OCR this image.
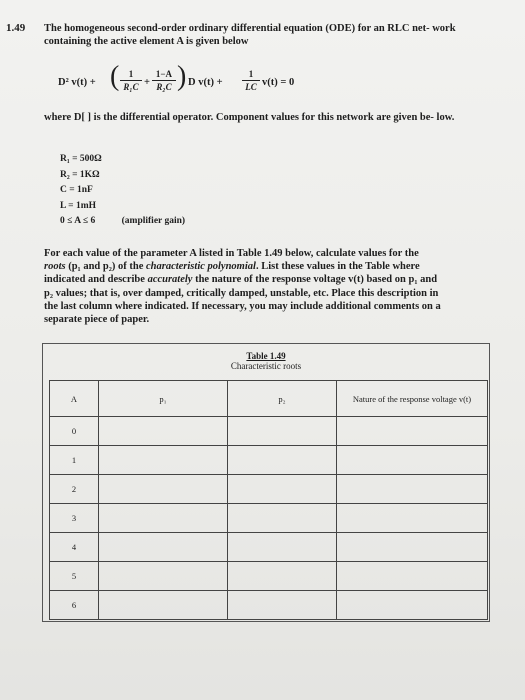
1.49 The homogeneous second-order ordinary differential equation (ODE) for an RLC net- work containing the active element A is given below
D² v(t) + (	1
R₁C +
1−A
R₂C ) D v(t) +
1
LC v(t) = 0
where D[ ] is the differential operator. Component values for this network are given be- low.
R₁ = 500Ω
R₂ = 1KΩ
C = 1nF
L = 1mH
0 ≤ A ≤ 6	(amplifier gain)
For each value of the parameter A listed in Table 1.49 below, calculate values for the
roots (p₁ and p₂) of the characteristic polynomial. List these values in the Table where
indicated and describe accurately the nature of the response voltage v(t) based on p₁ and
p₂ values; that is, over damped, critically damped, unstable, etc. Place this description in
the last column where indicated. If necessary, you may include additional comments on a
separate piece of paper.
Table 1.49
Characteristic roots
A	p₁	p₂	Nature of the response voltage v(t)
0			
1			
2			
3			
4			
5			
6			
